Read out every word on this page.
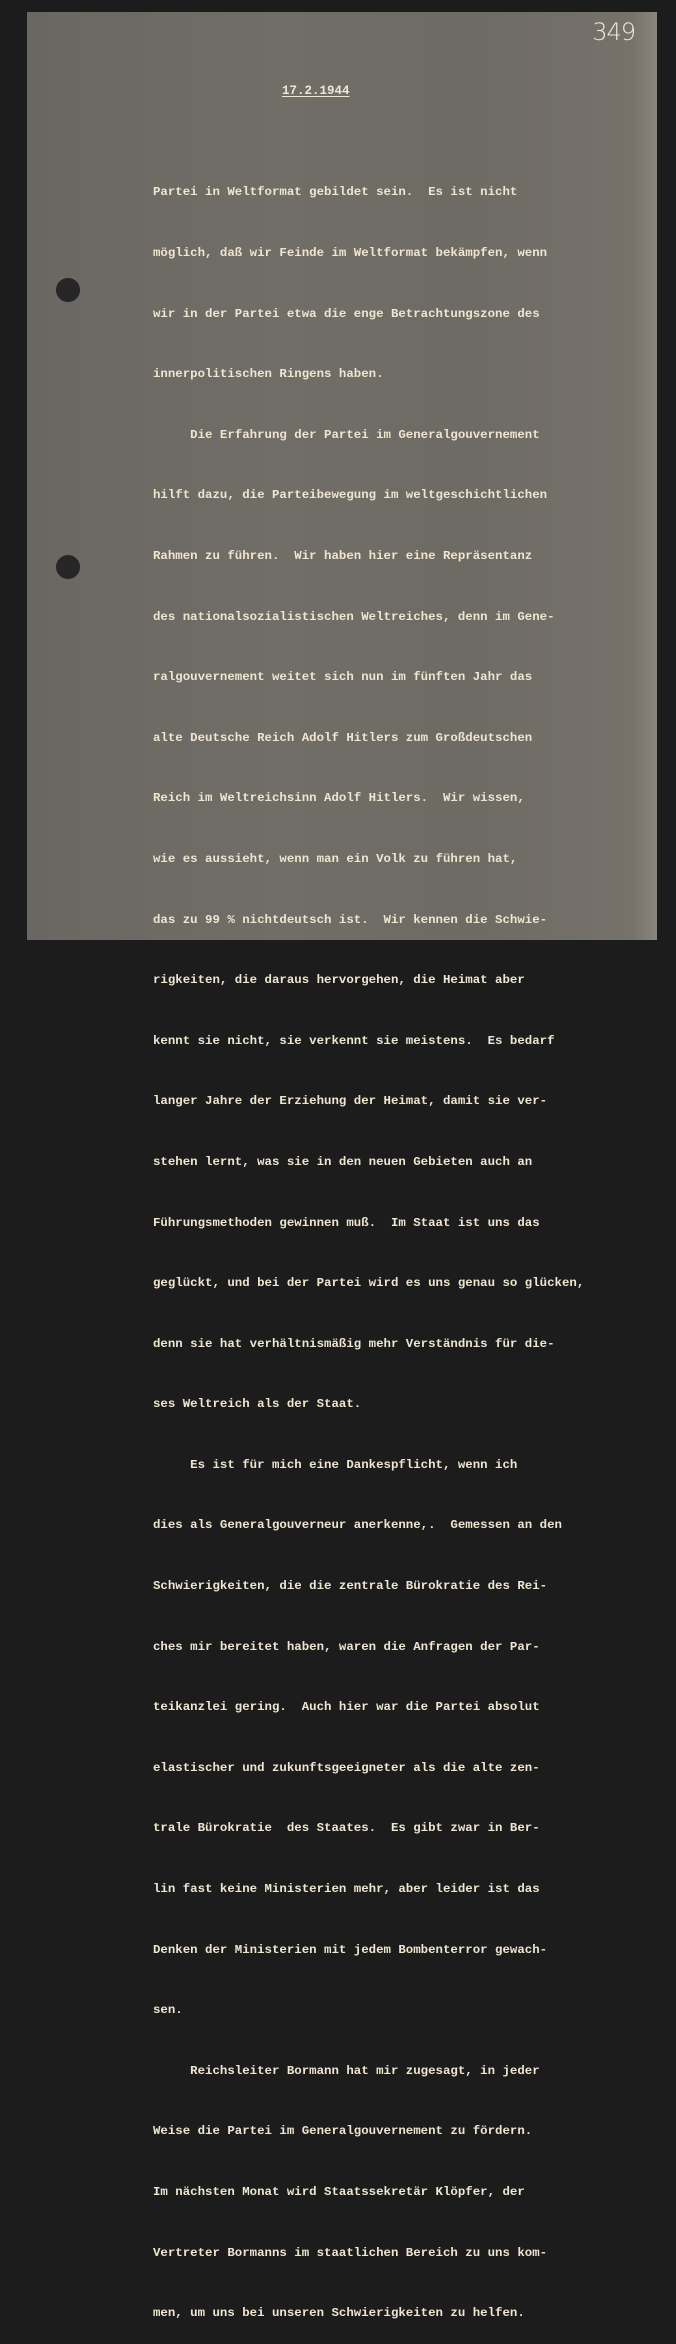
349
17.2.1944

Partei in Weltformat gebildet sein.  Es ist nicht

möglich, daß wir Feinde im Weltformat bekämpfen, wenn

wir in der Partei etwa die enge Betrachtungszone des

innerpolitischen Ringens haben.

Die Erfahrung der Partei im Generalgouvernement

hilft dazu, die Parteibewegung im weltgeschichtlichen

Rahmen zu führen.  Wir haben hier eine Repräsentanz

des nationalsozialistischen Weltreiches, denn im Gene-

ralgouvernement weitet sich nun im fünften Jahr das

alte Deutsche Reich Adolf Hitlers zum Großdeutschen

Reich im Weltreichsinn Adolf Hitlers.  Wir wissen,

wie es aussieht, wenn man ein Volk zu führen hat,

das zu 99 % nichtdeutsch ist.  Wir kennen die Schwie-

rigkeiten, die daraus hervorgehen, die Heimat aber

kennt sie nicht, sie verkennt sie meistens.  Es bedarf

langer Jahre der Erziehung der Heimat, damit sie ver-

stehen lernt, was sie in den neuen Gebieten auch an

Führungsmethoden gewinnen muß.  Im Staat ist uns das

geglückt, und bei der Partei wird es uns genau so glücken,

denn sie hat verhältnismäßig mehr Verständnis für die-

ses Weltreich als der Staat.

Es ist für mich eine Dankespflicht, wenn ich

dies als Generalgouverneur anerkenne,.  Gemessen an den

Schwierigkeiten, die die zentrale Bürokratie des Rei-

ches mir bereitet haben, waren die Anfragen der Par-

teikanzlei gering.  Auch hier war die Partei absolut

elastischer und zukunftsgeeigneter als die alte zen-

trale Bürokratie  des Staates.  Es gibt zwar in Ber-

lin fast keine Ministerien mehr, aber leider ist das

Denken der Ministerien mit jedem Bombenterror gewach-

sen.

Reichsleiter Bormann hat mir zugesagt, in jeder

Weise die Partei im Generalgouvernement zu fördern.

Im nächsten Monat wird Staatssekretär Klöpfer, der

Vertreter Bormanns im staatlichen Bereich zu uns kom-

men, um uns bei unseren Schwierigkeiten zu helfen.
